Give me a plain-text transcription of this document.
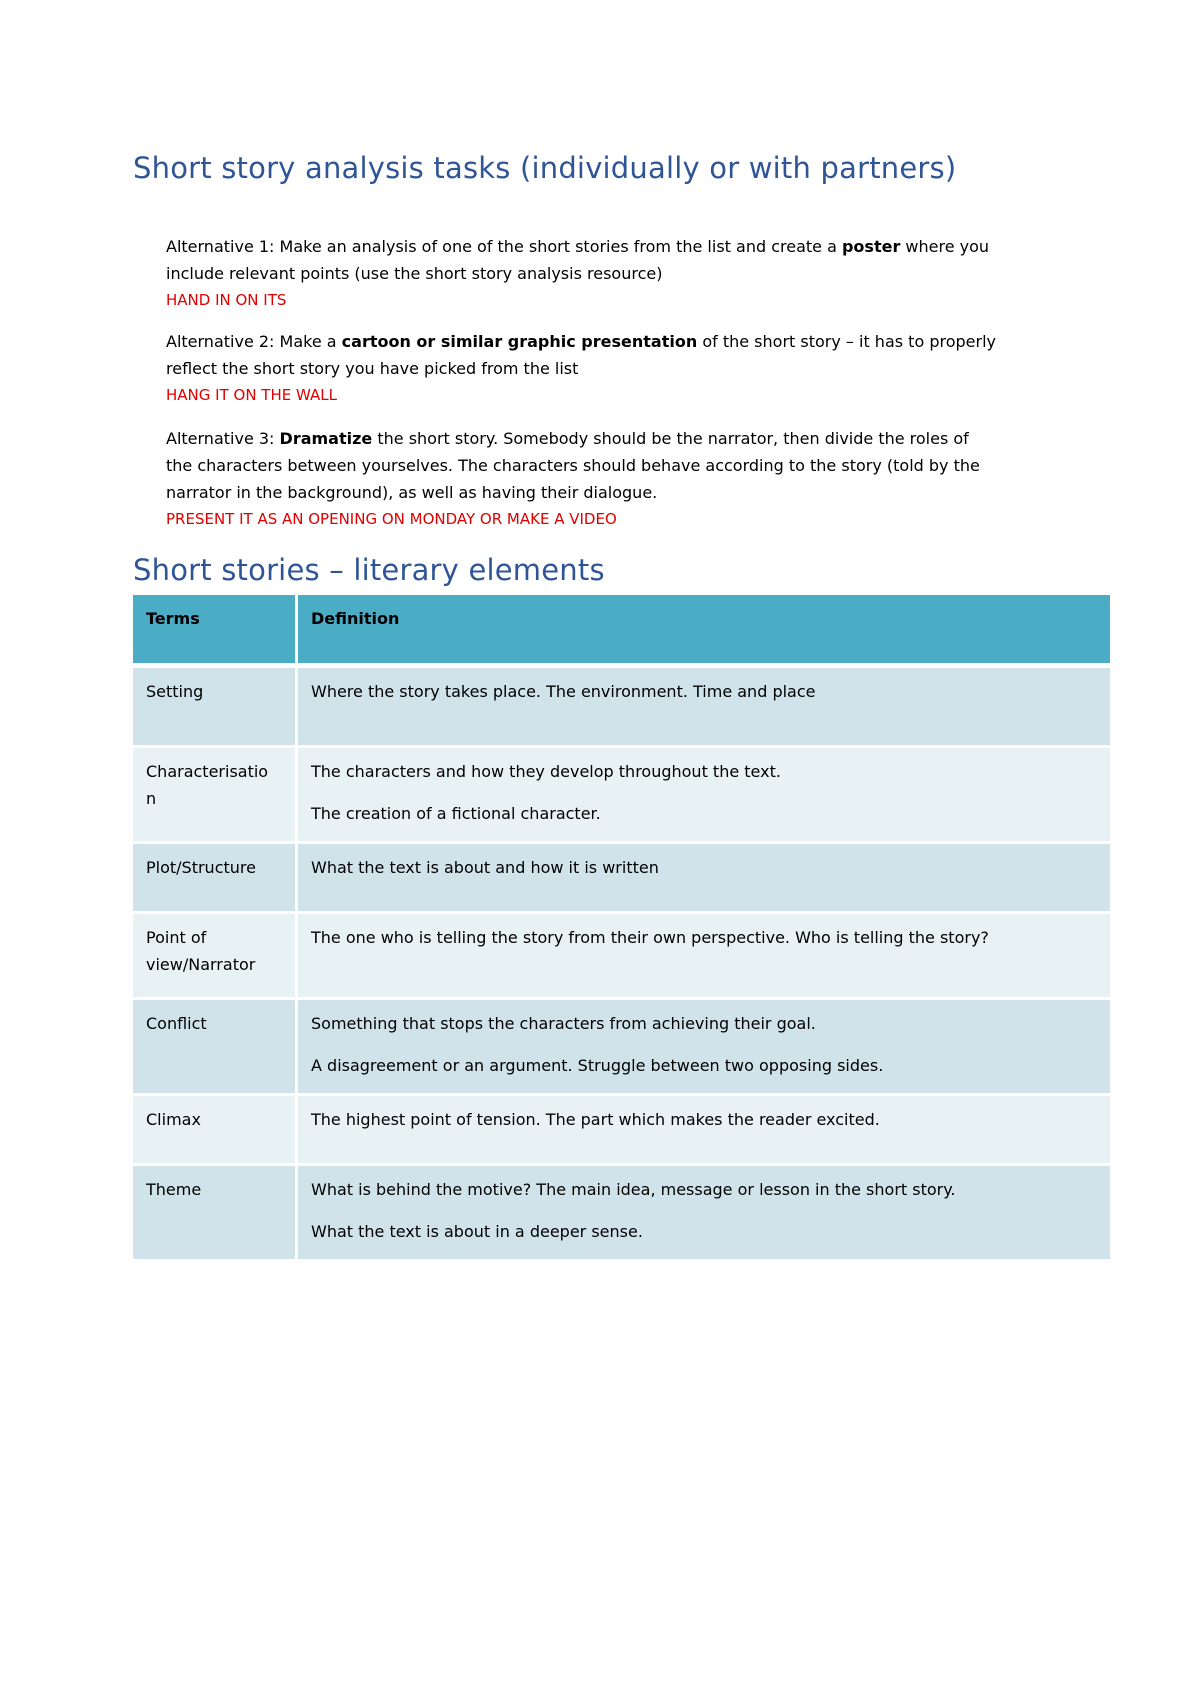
Short story analysis tasks (individually or with partners)
Alternative 1: Make an analysis of one of the short stories from the list and create a poster where you include relevant points (use the short story analysis resource)
HAND IN ON ITS
Alternative 2: Make a cartoon or similar graphic presentation of the short story – it has to properly reflect the short story you have picked from the list
HANG IT ON THE WALL
Alternative 3: Dramatize the short story. Somebody should be the narrator, then divide the roles of the characters between yourselves. The characters should behave according to the story (told by the narrator in the background), as well as having their dialogue.
PRESENT IT AS AN OPENING ON MONDAY OR MAKE A VIDEO
Short stories – literary elements
Terms	Definition
Setting	Where the story takes place. The environment. Time and place

Characterisatio
n	The characters and how they develop throughout the text.
The creation of a fictional character.

Plot/Structure	What the text is about and how it is written

Point of view/Narrator	The one who is telling the story from their own perspective. Who is telling the story?

Conflict	Something that stops the characters from achieving their goal.
A disagreement or an argument. Struggle between two opposing sides.

Climax	The highest point of tension. The part which makes the reader excited.

Theme	What is behind the motive? The main idea, message or lesson in the short story.
What the text is about in a deeper sense.
